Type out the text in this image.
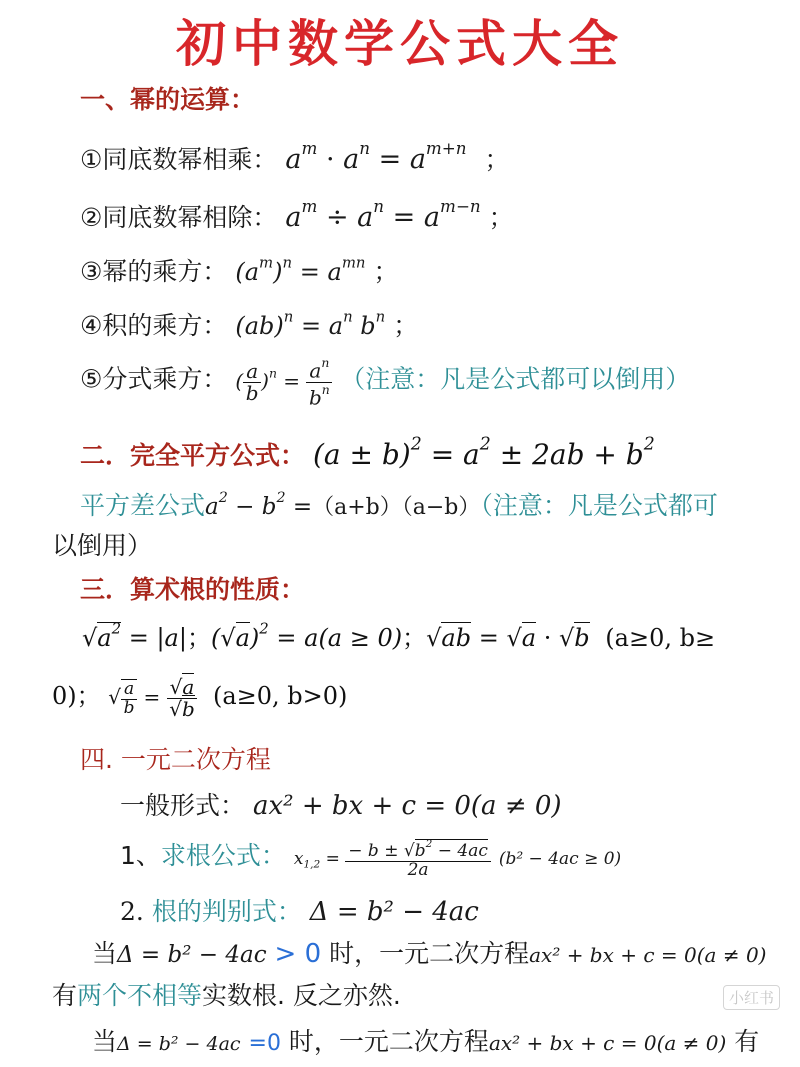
初中数学公式大全
一、幂的运算：
①同底数幂相乘： $a^m \cdot a^n = a^{m+n}$ ；
②同底数幂相除： $a^m \div a^n = a^{m-n}$ ；
③幂的乘方： $(a^m)^n = a^{mn}$ ；
④积的乘方： $(ab)^n = a^n$ $b^n$ ；
⑤分式乘方： ( $\frac{a}{b} )^n = \frac{a^n}{b^n}$ （注意：凡是公式都可以倒用）
二．完全平方公式： $(a \pm b)^2 = a^2 \pm 2ab + b^2$
平方差公式$a^2 - b^2 =(a+b)(a-b)$（注意：凡是公式都可
以倒用）
三．算术根的性质：
$√a^2 = |a|$；$(√a)^2 = a(a \ge 0)$；√ab = √a · √b (a≥0, b≥
0)； √ $\frac{a}{b} = \frac{√a}{√b} (a\ge 0$, b>0)
四. 一元二次方程
一般形式： ax² + bx + c = 0(a ≠ 0)
1、求根公式： $x_{1,2} = \frac{- b \pm √b^2 - 4ac}{2a} (b^2 - 4ac \ge 0)$
2. 根的判别式： Δ = b² − 4ac
当Δ = b² − 4ac > 0 时，一元二次方程ax² + bx + c = 0(a ≠ 0)
有两个不相等实数根. 反之亦然.
当Δ = b² − 4ac =0 时，一元二次方程ax² + bx + c = 0(a ≠ 0) 有
小红书
